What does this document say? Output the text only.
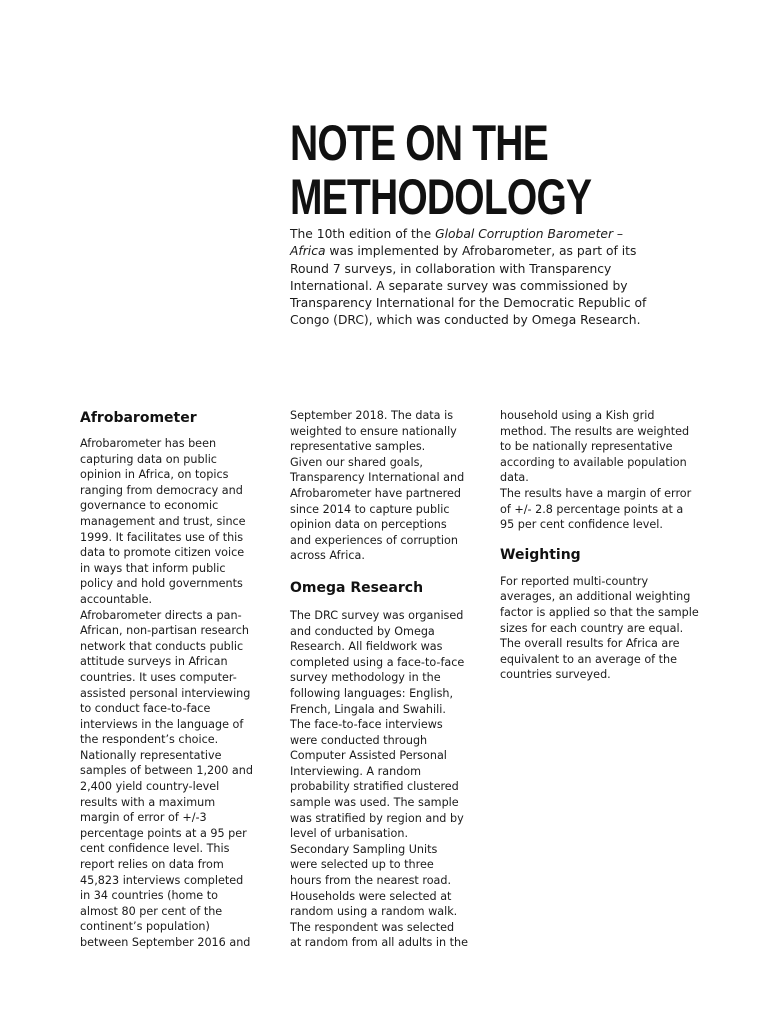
NOTE ON THE
METHODOLOGY

The 10th edition of the Global Corruption Barometer – Africa was implemented by Afrobarometer, as part of its Round 7 surveys, in collaboration with Transparency International. A separate survey was commissioned by Transparency International for the Democratic Republic of Congo (DRC), which was conducted by Omega Research.

Afrobarometer

Afrobarometer has been capturing data on public opinion in Africa, on topics ranging from democracy and governance to economic management and trust, since 1999. It facilitates use of this data to promote citizen voice in ways that inform public policy and hold governments accountable.

Afrobarometer directs a pan-African, non-partisan research network that conducts public attitude surveys in African countries. It uses computer-assisted personal interviewing to conduct face-to-face interviews in the language of the respondent’s choice. Nationally representative samples of between 1,200 and 2,400 yield country-level results with a maximum margin of error of +/-3 percentage points at a 95 per cent confidence level. This report relies on data from 45,823 interviews completed in 34 countries (home to almost 80 per cent of the continent’s population) between September 2016 and

September 2018. The data is weighted to ensure nationally representative samples.

Given our shared goals, Transparency International and Afrobarometer have partnered since 2014 to capture public opinion data on perceptions and experiences of corruption across Africa.

Omega Research

The DRC survey was organised and conducted by Omega Research. All fieldwork was completed using a face-to-face survey methodology in the following languages: English, French, Lingala and Swahili.

The face-to-face interviews were conducted through Computer Assisted Personal Interviewing. A random probability stratified clustered sample was used. The sample was stratified by region and by level of urbanisation. Secondary Sampling Units were selected up to three hours from the nearest road. Households were selected at random using a random walk. The respondent was selected at random from all adults in the

household using a Kish grid method. The results are weighted to be nationally representative according to available population data.

The results have a margin of error of +/- 2.8 percentage points at a 95 per cent confidence level.

Weighting

For reported multi-country averages, an additional weighting factor is applied so that the sample sizes for each country are equal. The overall results for Africa are equivalent to an average of the countries surveyed.
